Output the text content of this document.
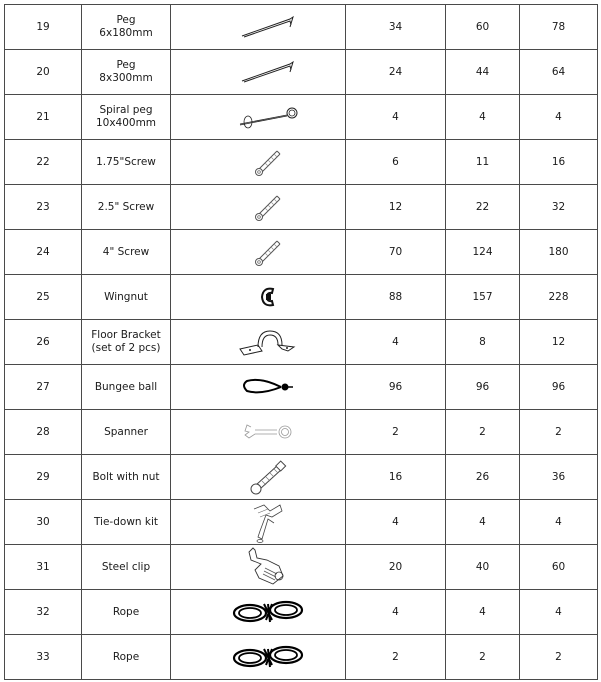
19	Peg
6x180mm		34	60	78
20	Peg
8x300mm		24	44	64
21	Spiral peg
10x400mm		4	4	4
22	1.75"Screw		6	11	16
23	2.5" Screw		12	22	32
24	4" Screw		70	124	180
25	Wingnut		88	157	228
26	Floor Bracket
(set of 2 pcs)		4	8	12
27	Bungee ball		96	96	96
28	Spanner		2	2	2
29	Bolt with nut		16	26	36
30	Tie-down kit		4	4	4
31	Steel clip		20	40	60
32	Rope		4	4	4
33	Rope		2	2	2
